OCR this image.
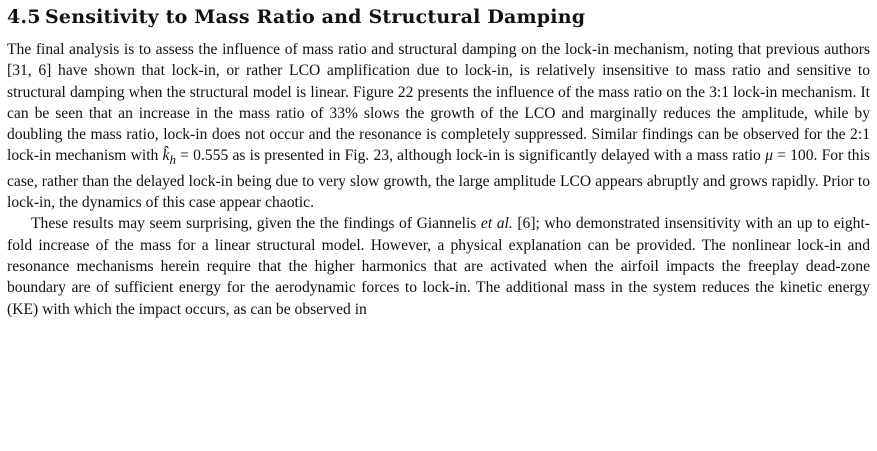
4.5 Sensitivity to Mass Ratio and Structural Damping

The final analysis is to assess the influence of mass ratio and structural damping on the lock-in mechanism, noting that previous authors [31, 6] have shown that lock-in, or rather LCO amplification due to lock-in, is relatively insensitive to mass ratio and sensitive to structural damping when the structural model is linear. Figure 22 presents the influence of the mass ratio on the 3:1 lock-in mechanism. It can be seen that an increase in the mass ratio of 33% slows the growth of the LCO and marginally reduces the amplitude, while by doubling the mass ratio, lock-in does not occur and the resonance is completely suppressed. Similar findings can be observed for the 2:1 lock-in mechanism with $k̂_h = 0.555$ as is presented in Fig. 23, although lock-in is significantly delayed with a mass ratio μ = 100. For this case, rather than the delayed lock-in being due to very slow growth, the large amplitude LCO appears abruptly and grows rapidly. Prior to lock-in, the dynamics of this case appear chaotic.

These results may seem surprising, given the the findings of Giannelis et al. [6]; who demonstrated insensitivity with an up to eight-fold increase of the mass for a linear structural model. However, a physical explanation can be provided. The nonlinear lock-in and resonance mechanisms herein require that the higher harmonics that are activated when the airfoil impacts the freeplay dead-zone boundary are of sufficient energy for the aerodynamic forces to lock-in. The additional mass in the system reduces the kinetic energy (KE) with which the impact occurs, as can be observed in
